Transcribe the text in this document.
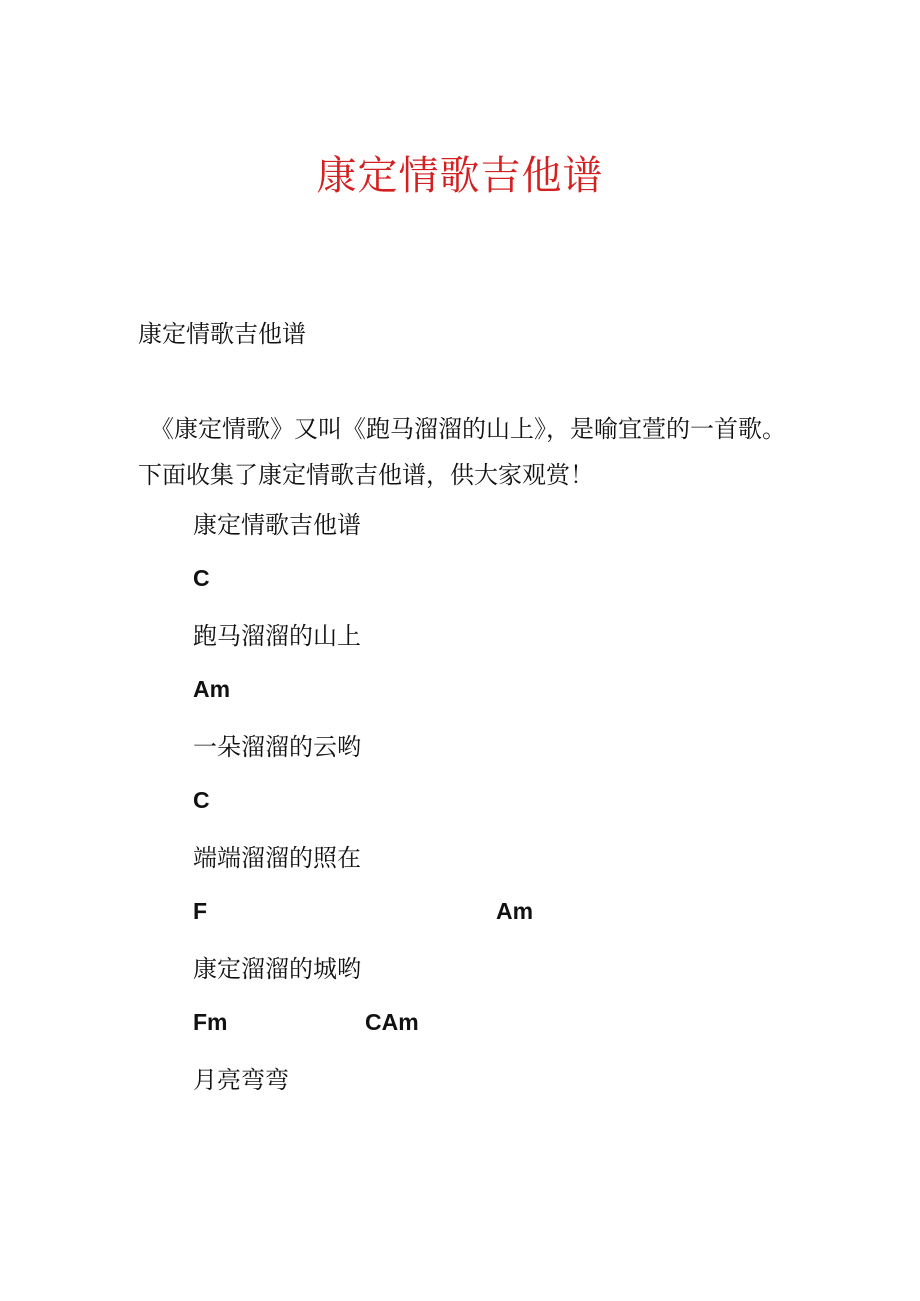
康定情歌吉他谱
康定情歌吉他谱

《康定情歌》又叫《跑马溜溜的山上》，是喻宜萱的一首歌。下面收集了康定情歌吉他谱，供大家观赏！

康定情歌吉他谱
C
跑马溜溜的山上
Am
一朵溜溜的云哟
C
端端溜溜的照在
F	Am
康定溜溜的城哟
Fm	CAm
月亮弯弯
